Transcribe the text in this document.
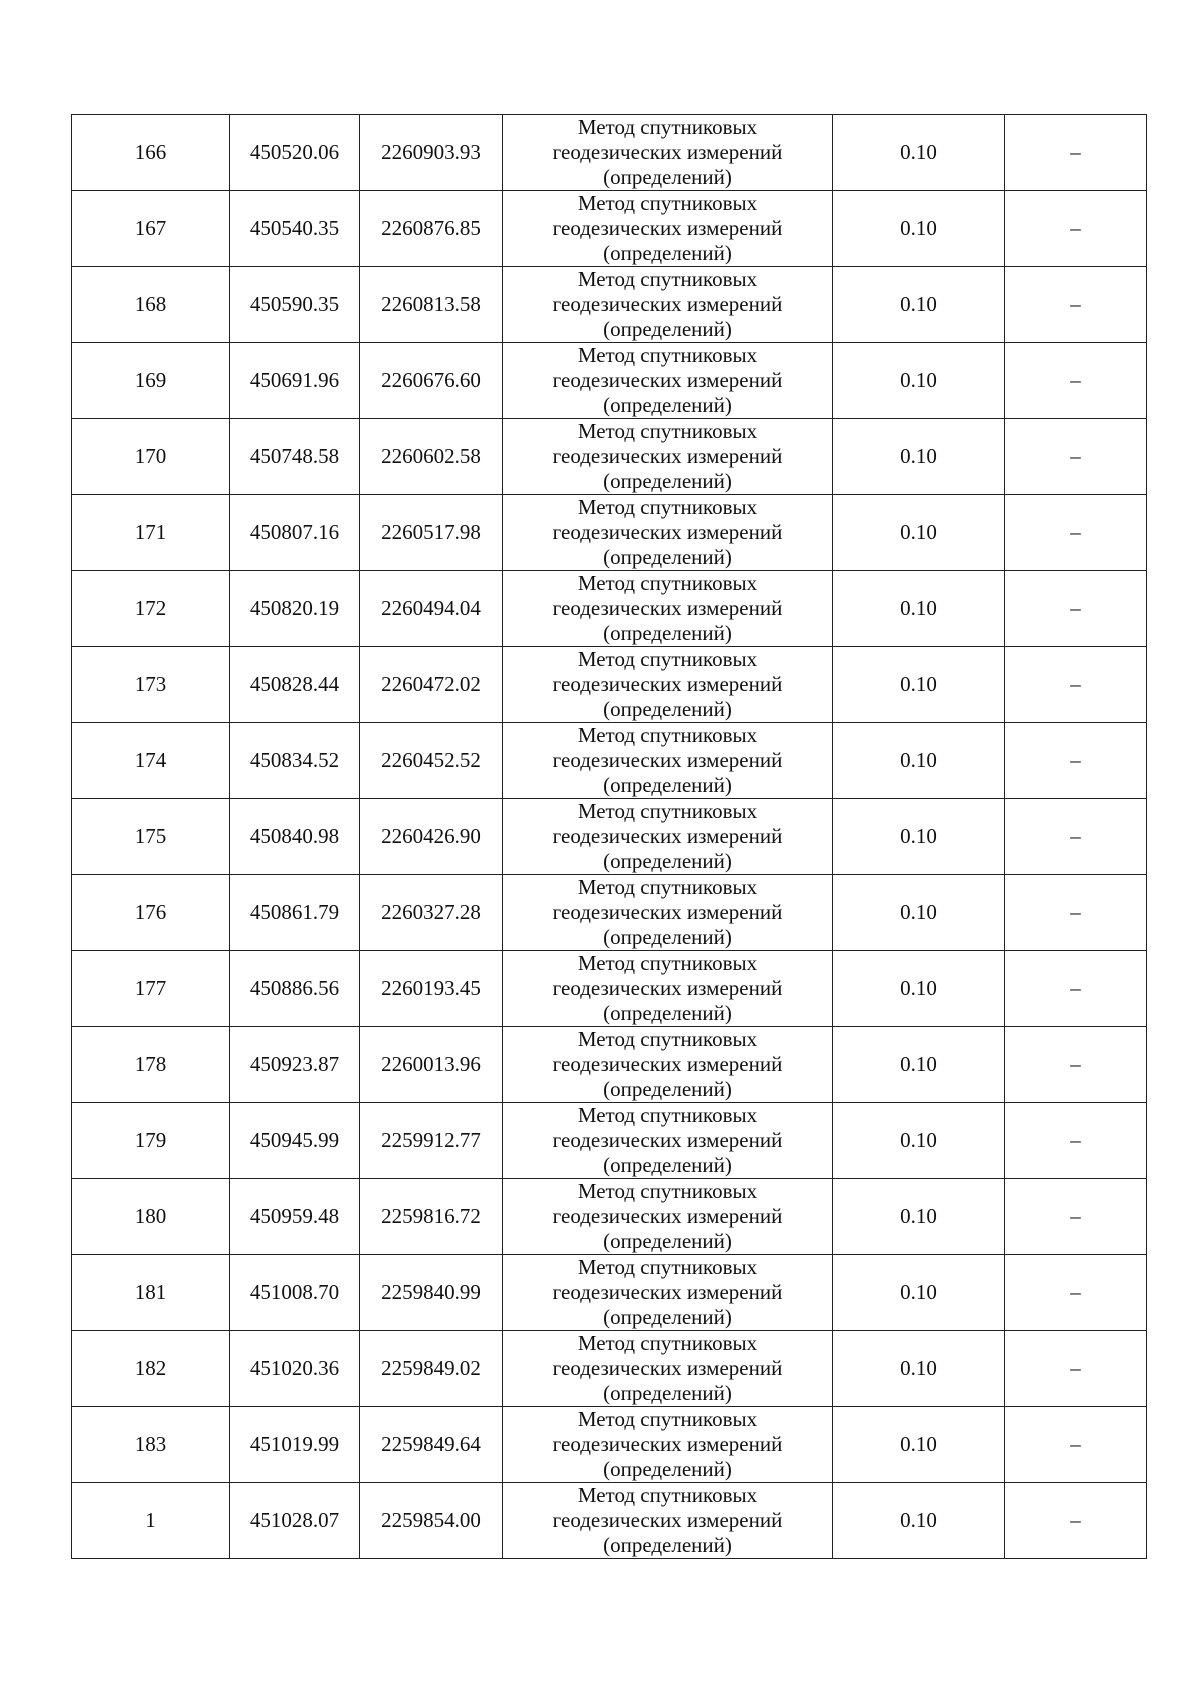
166	450520.06	2260903.93	Метод спутниковых
геодезических измерений
(определений)	0.10	–
167	450540.35	2260876.85	Метод спутниковых
геодезических измерений
(определений)	0.10	–
168	450590.35	2260813.58	Метод спутниковых
геодезических измерений
(определений)	0.10	–
169	450691.96	2260676.60	Метод спутниковых
геодезических измерений
(определений)	0.10	–
170	450748.58	2260602.58	Метод спутниковых
геодезических измерений
(определений)	0.10	–
171	450807.16	2260517.98	Метод спутниковых
геодезических измерений
(определений)	0.10	–
172	450820.19	2260494.04	Метод спутниковых
геодезических измерений
(определений)	0.10	–
173	450828.44	2260472.02	Метод спутниковых
геодезических измерений
(определений)	0.10	–
174	450834.52	2260452.52	Метод спутниковых
геодезических измерений
(определений)	0.10	–
175	450840.98	2260426.90	Метод спутниковых
геодезических измерений
(определений)	0.10	–
176	450861.79	2260327.28	Метод спутниковых
геодезических измерений
(определений)	0.10	–
177	450886.56	2260193.45	Метод спутниковых
геодезических измерений
(определений)	0.10	–
178	450923.87	2260013.96	Метод спутниковых
геодезических измерений
(определений)	0.10	–
179	450945.99	2259912.77	Метод спутниковых
геодезических измерений
(определений)	0.10	–
180	450959.48	2259816.72	Метод спутниковых
геодезических измерений
(определений)	0.10	–
181	451008.70	2259840.99	Метод спутниковых
геодезических измерений
(определений)	0.10	–
182	451020.36	2259849.02	Метод спутниковых
геодезических измерений
(определений)	0.10	–
183	451019.99	2259849.64	Метод спутниковых
геодезических измерений
(определений)	0.10	–
1	451028.07	2259854.00	Метод спутниковых
геодезических измерений
(определений)	0.10	–
